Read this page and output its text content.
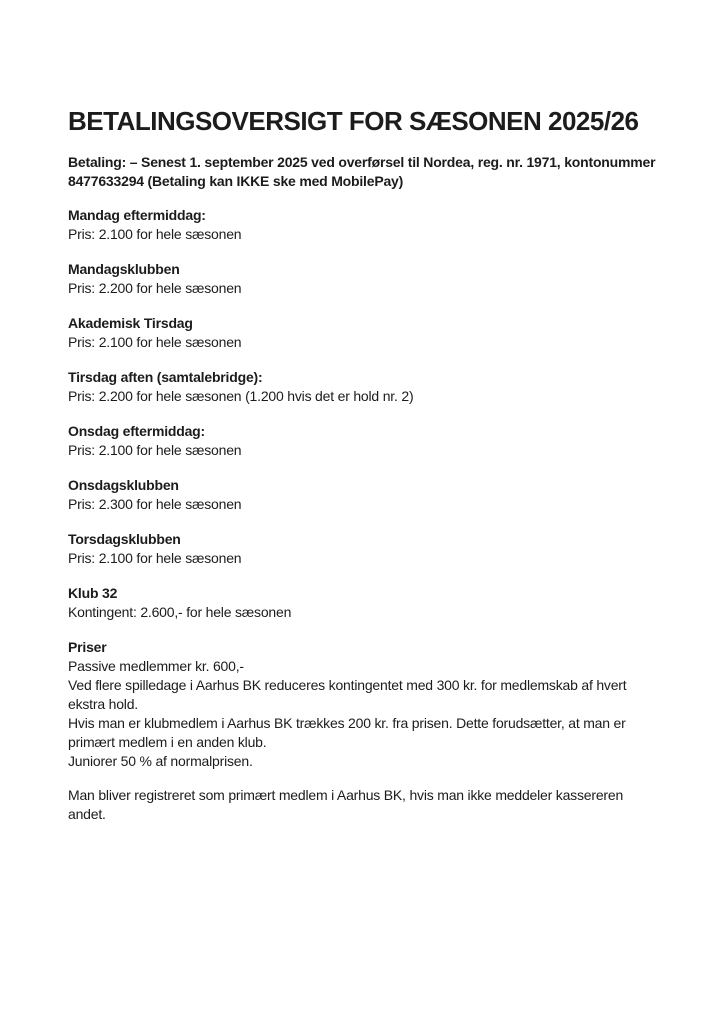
BETALINGSOVERSIGT FOR SÆSONEN 2025/26
Betaling: – Senest 1. september 2025 ved overførsel til Nordea, reg. nr. 1971, kontonummer
8477633294 (Betaling kan IKKE ske med MobilePay)
Mandag eftermiddag:
Pris: 2.100 for hele sæsonen
Mandagsklubben
Pris: 2.200 for hele sæsonen
Akademisk Tirsdag
Pris: 2.100 for hele sæsonen
Tirsdag aften (samtalebridge):
Pris: 2.200 for hele sæsonen (1.200 hvis det er hold nr. 2)
Onsdag eftermiddag:
Pris: 2.100 for hele sæsonen
Onsdagsklubben
Pris: 2.300 for hele sæsonen
Torsdagsklubben
Pris: 2.100 for hele sæsonen
Klub 32
Kontingent: 2.600,- for hele sæsonen
Priser
Passive medlemmer kr. 600,-
Ved flere spilledage i Aarhus BK reduceres kontingentet med 300 kr. for medlemskab af hvert
ekstra hold.
Hvis man er klubmedlem i Aarhus BK trækkes 200 kr. fra prisen. Dette forudsætter, at man er
primært medlem i en anden klub.
Juniorer 50 % af normalprisen.
Man bliver registreret som primært medlem i Aarhus BK, hvis man ikke meddeler kassereren
andet.
